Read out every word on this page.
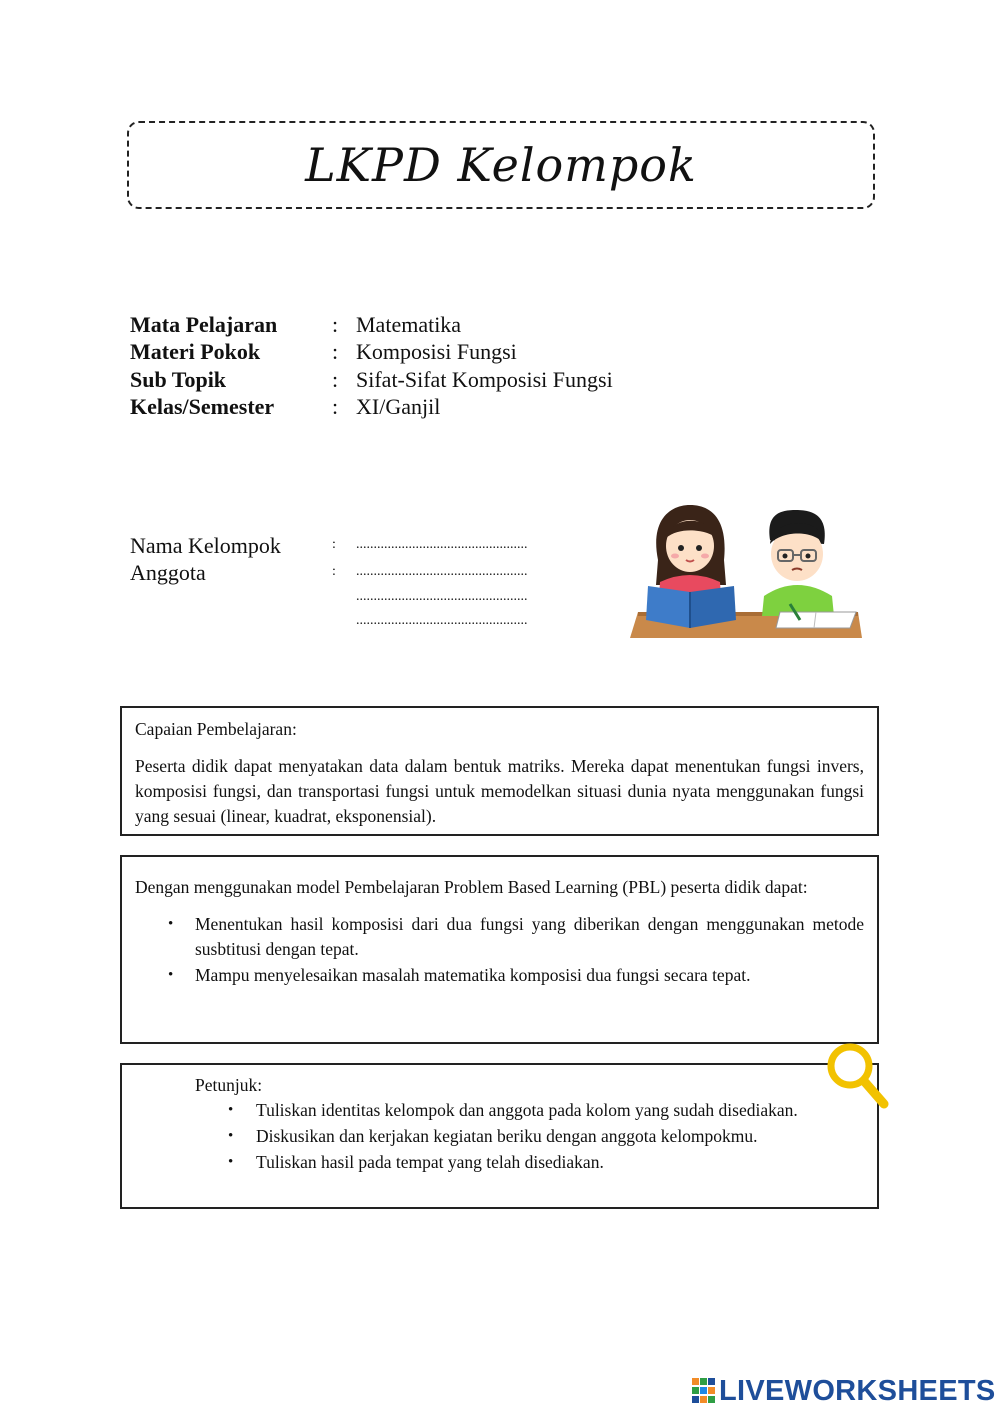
LKPD Kelompok
Mata Pelajaran	: Matematika
Materi Pokok	: Komposisi Fungsi
Sub Topik	: Sifat-Sifat Komposisi Fungsi
Kelas/Semester	: XI/Ganjil
Nama Kelompok	: .................................................
Anggota	: .................................................
.................................................
.................................................

Capaian Pembelajaran:

Peserta didik dapat menyatakan data dalam bentuk matriks. Mereka dapat menentukan fungsi invers, komposisi fungsi, dan transportasi fungsi untuk memodelkan situasi dunia nyata menggunakan fungsi yang sesuai (linear, kuadrat, eksponensial).

Dengan menggunakan model Pembelajaran Problem Based Learning (PBL) peserta didik dapat:

• Menentukan hasil komposisi dari dua fungsi yang diberikan dengan menggunakan metode susbtitusi dengan tepat.
• Mampu menyelesaikan masalah matematika komposisi dua fungsi secara tepat.

Petunjuk:

• Tuliskan identitas kelompok dan anggota pada kolom yang sudah disediakan.
• Diskusikan dan kerjakan kegiatan beriku dengan anggota kelompokmu.
• Tuliskan hasil pada tempat yang telah disediakan.
LIVEWORKSHEETS
